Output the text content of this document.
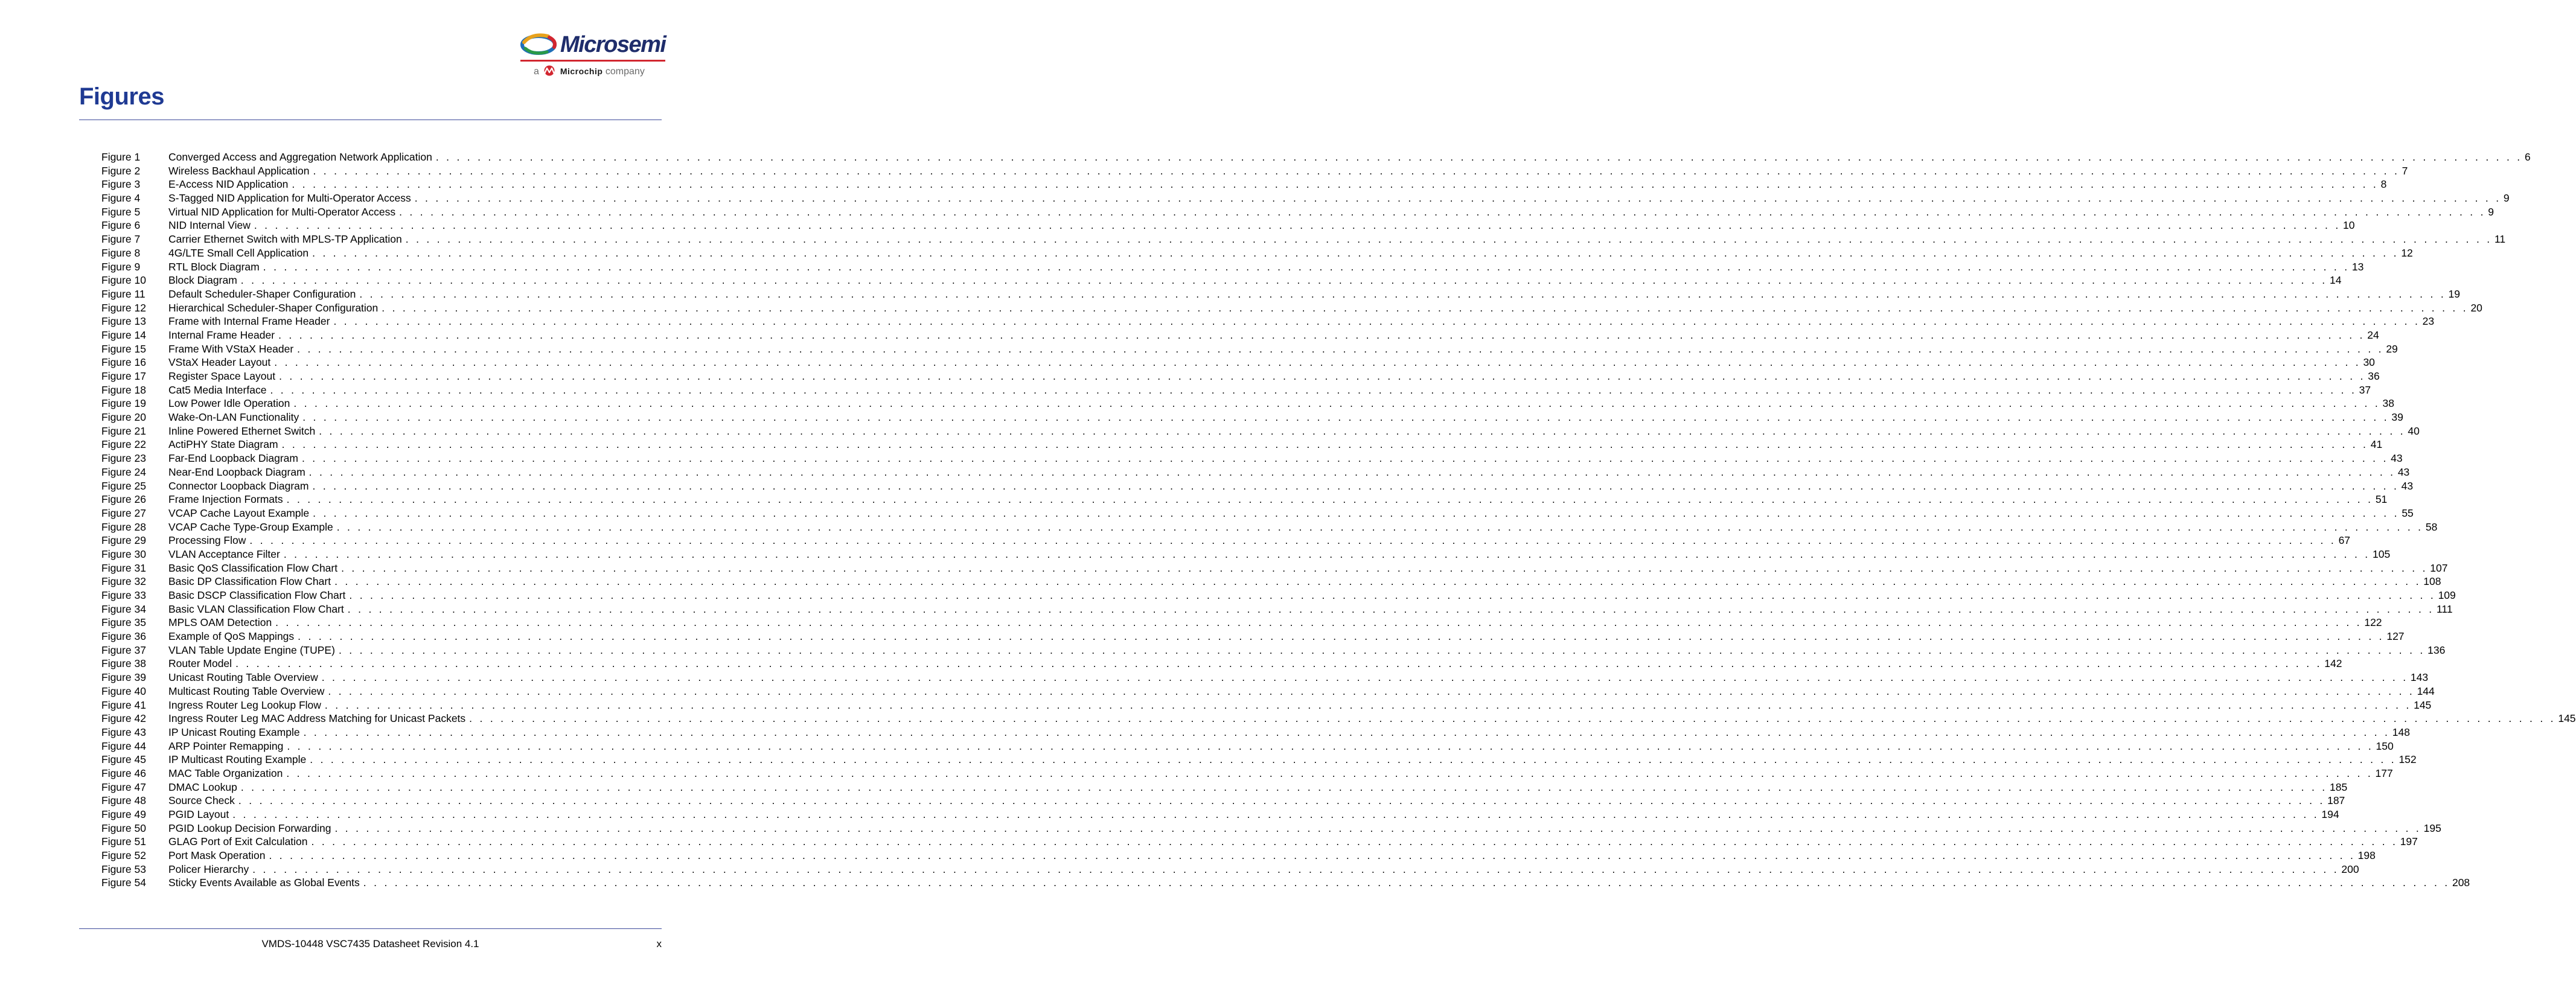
Microsemi
a Microchip company
Figures
Figure 1	Converged Access and Aggregation Network Application . . . . . . . . . . . . . . . . . . . . . . . . . . . . . . . . . . . . . . . . . . . . . . . . . . . . . . . . . . . . . . . . . . . . . . . . . . . . . . . . . . . . . . . . . . . . . . . . . . . . . . . . . . . . . . . . . . . . . . . . . . . . . . . . . . . . . . . . . . . . . . . . . . . . . . . . . . . . . . . . . . . . . . . . . . . . . . . . . . . . . . . . . . . . . . . . . . . . . . . . 6
Figure 2	Wireless Backhaul Application . . . . . . . . . . . . . . . . . . . . . . . . . . . . . . . . . . . . . . . . . . . . . . . . . . . . . . . . . . . . . . . . . . . . . . . . . . . . . . . . . . . . . . . . . . . . . . . . . . . . . . . . . . . . . . . . . . . . . . . . . . . . . . . . . . . . . . . . . . . . . . . . . . . . . . . . . . . . . . . . . . . . . . . . . . . . . . . . . . . . . . . . . . . . . . . . . . . . . . . . 7
Figure 3	E-Access NID Application . . . . . . . . . . . . . . . . . . . . . . . . . . . . . . . . . . . . . . . . . . . . . . . . . . . . . . . . . . . . . . . . . . . . . . . . . . . . . . . . . . . . . . . . . . . . . . . . . . . . . . . . . . . . . . . . . . . . . . . . . . . . . . . . . . . . . . . . . . . . . . . . . . . . . . . . . . . . . . . . . . . . . . . . . . . . . . . . . . . . . . . . . . . . . . . . . . . . . . . . 8
Figure 4	S-Tagged NID Application for Multi-Operator Access . . . . . . . . . . . . . . . . . . . . . . . . . . . . . . . . . . . . . . . . . . . . . . . . . . . . . . . . . . . . . . . . . . . . . . . . . . . . . . . . . . . . . . . . . . . . . . . . . . . . . . . . . . . . . . . . . . . . . . . . . . . . . . . . . . . . . . . . . . . . . . . . . . . . . . . . . . . . . . . . . . . . . . . . . . . . . . . . . . . . . . . . . . . . . . . . . . . . . . . . 9
Figure 5	Virtual NID Application for Multi-Operator Access . . . . . . . . . . . . . . . . . . . . . . . . . . . . . . . . . . . . . . . . . . . . . . . . . . . . . . . . . . . . . . . . . . . . . . . . . . . . . . . . . . . . . . . . . . . . . . . . . . . . . . . . . . . . . . . . . . . . . . . . . . . . . . . . . . . . . . . . . . . . . . . . . . . . . . . . . . . . . . . . . . . . . . . . . . . . . . . . . . . . . . . . . . . . . . . . . . . . . . . . 9
Figure 6	NID Internal View . . . . . . . . . . . . . . . . . . . . . . . . . . . . . . . . . . . . . . . . . . . . . . . . . . . . . . . . . . . . . . . . . . . . . . . . . . . . . . . . . . . . . . . . . . . . . . . . . . . . . . . . . . . . . . . . . . . . . . . . . . . . . . . . . . . . . . . . . . . . . . . . . . . . . . . . . . . . . . . . . . . . . . . . . . . . . . . . . . . . . . . . . . . . . . . . . . . . . . . . 10
Figure 7	Carrier Ethernet Switch with MPLS-TP Application . . . . . . . . . . . . . . . . . . . . . . . . . . . . . . . . . . . . . . . . . . . . . . . . . . . . . . . . . . . . . . . . . . . . . . . . . . . . . . . . . . . . . . . . . . . . . . . . . . . . . . . . . . . . . . . . . . . . . . . . . . . . . . . . . . . . . . . . . . . . . . . . . . . . . . . . . . . . . . . . . . . . . . . . . . . . . . . . . . . . . . . . . . . . . . . . . . . . . . . . 11
Figure 8	4G/LTE Small Cell Application . . . . . . . . . . . . . . . . . . . . . . . . . . . . . . . . . . . . . . . . . . . . . . . . . . . . . . . . . . . . . . . . . . . . . . . . . . . . . . . . . . . . . . . . . . . . . . . . . . . . . . . . . . . . . . . . . . . . . . . . . . . . . . . . . . . . . . . . . . . . . . . . . . . . . . . . . . . . . . . . . . . . . . . . . . . . . . . . . . . . . . . . . . . . . . . . . . . . . . . . 12
Figure 9	RTL Block Diagram . . . . . . . . . . . . . . . . . . . . . . . . . . . . . . . . . . . . . . . . . . . . . . . . . . . . . . . . . . . . . . . . . . . . . . . . . . . . . . . . . . . . . . . . . . . . . . . . . . . . . . . . . . . . . . . . . . . . . . . . . . . . . . . . . . . . . . . . . . . . . . . . . . . . . . . . . . . . . . . . . . . . . . . . . . . . . . . . . . . . . . . . . . . . . . . . . . . . . . . . 13
Figure 10	Block Diagram . . . . . . . . . . . . . . . . . . . . . . . . . . . . . . . . . . . . . . . . . . . . . . . . . . . . . . . . . . . . . . . . . . . . . . . . . . . . . . . . . . . . . . . . . . . . . . . . . . . . . . . . . . . . . . . . . . . . . . . . . . . . . . . . . . . . . . . . . . . . . . . . . . . . . . . . . . . . . . . . . . . . . . . . . . . . . . . . . . . . . . . . . . . . . . . . . . . . . . . . 14
Figure 11	Default Scheduler-Shaper Configuration . . . . . . . . . . . . . . . . . . . . . . . . . . . . . . . . . . . . . . . . . . . . . . . . . . . . . . . . . . . . . . . . . . . . . . . . . . . . . . . . . . . . . . . . . . . . . . . . . . . . . . . . . . . . . . . . . . . . . . . . . . . . . . . . . . . . . . . . . . . . . . . . . . . . . . . . . . . . . . . . . . . . . . . . . . . . . . . . . . . . . . . . . . . . . . . . . . . . . . . . 19
Figure 12	Hierarchical Scheduler-Shaper Configuration . . . . . . . . . . . . . . . . . . . . . . . . . . . . . . . . . . . . . . . . . . . . . . . . . . . . . . . . . . . . . . . . . . . . . . . . . . . . . . . . . . . . . . . . . . . . . . . . . . . . . . . . . . . . . . . . . . . . . . . . . . . . . . . . . . . . . . . . . . . . . . . . . . . . . . . . . . . . . . . . . . . . . . . . . . . . . . . . . . . . . . . . . . . . . . . . . . . . . . . . 20
Figure 13	Frame with Internal Frame Header . . . . . . . . . . . . . . . . . . . . . . . . . . . . . . . . . . . . . . . . . . . . . . . . . . . . . . . . . . . . . . . . . . . . . . . . . . . . . . . . . . . . . . . . . . . . . . . . . . . . . . . . . . . . . . . . . . . . . . . . . . . . . . . . . . . . . . . . . . . . . . . . . . . . . . . . . . . . . . . . . . . . . . . . . . . . . . . . . . . . . . . . . . . . . . . . . . . . . . . . 23
Figure 14	Internal Frame Header . . . . . . . . . . . . . . . . . . . . . . . . . . . . . . . . . . . . . . . . . . . . . . . . . . . . . . . . . . . . . . . . . . . . . . . . . . . . . . . . . . . . . . . . . . . . . . . . . . . . . . . . . . . . . . . . . . . . . . . . . . . . . . . . . . . . . . . . . . . . . . . . . . . . . . . . . . . . . . . . . . . . . . . . . . . . . . . . . . . . . . . . . . . . . . . . . . . . . . . . 24
Figure 15	Frame With VStaX Header . . . . . . . . . . . . . . . . . . . . . . . . . . . . . . . . . . . . . . . . . . . . . . . . . . . . . . . . . . . . . . . . . . . . . . . . . . . . . . . . . . . . . . . . . . . . . . . . . . . . . . . . . . . . . . . . . . . . . . . . . . . . . . . . . . . . . . . . . . . . . . . . . . . . . . . . . . . . . . . . . . . . . . . . . . . . . . . . . . . . . . . . . . . . . . . . . . . . . . . . 29
Figure 16	VStaX Header Layout . . . . . . . . . . . . . . . . . . . . . . . . . . . . . . . . . . . . . . . . . . . . . . . . . . . . . . . . . . . . . . . . . . . . . . . . . . . . . . . . . . . . . . . . . . . . . . . . . . . . . . . . . . . . . . . . . . . . . . . . . . . . . . . . . . . . . . . . . . . . . . . . . . . . . . . . . . . . . . . . . . . . . . . . . . . . . . . . . . . . . . . . . . . . . . . . . . . . . . . . 30
Figure 17	Register Space Layout . . . . . . . . . . . . . . . . . . . . . . . . . . . . . . . . . . . . . . . . . . . . . . . . . . . . . . . . . . . . . . . . . . . . . . . . . . . . . . . . . . . . . . . . . . . . . . . . . . . . . . . . . . . . . . . . . . . . . . . . . . . . . . . . . . . . . . . . . . . . . . . . . . . . . . . . . . . . . . . . . . . . . . . . . . . . . . . . . . . . . . . . . . . . . . . . . . . . . . . . 36
Figure 18	Cat5 Media Interface . . . . . . . . . . . . . . . . . . . . . . . . . . . . . . . . . . . . . . . . . . . . . . . . . . . . . . . . . . . . . . . . . . . . . . . . . . . . . . . . . . . . . . . . . . . . . . . . . . . . . . . . . . . . . . . . . . . . . . . . . . . . . . . . . . . . . . . . . . . . . . . . . . . . . . . . . . . . . . . . . . . . . . . . . . . . . . . . . . . . . . . . . . . . . . . . . . . . . . . . 37
Figure 19	Low Power Idle Operation . . . . . . . . . . . . . . . . . . . . . . . . . . . . . . . . . . . . . . . . . . . . . . . . . . . . . . . . . . . . . . . . . . . . . . . . . . . . . . . . . . . . . . . . . . . . . . . . . . . . . . . . . . . . . . . . . . . . . . . . . . . . . . . . . . . . . . . . . . . . . . . . . . . . . . . . . . . . . . . . . . . . . . . . . . . . . . . . . . . . . . . . . . . . . . . . . . . . . . . . 38
Figure 20	Wake-On-LAN Functionality . . . . . . . . . . . . . . . . . . . . . . . . . . . . . . . . . . . . . . . . . . . . . . . . . . . . . . . . . . . . . . . . . . . . . . . . . . . . . . . . . . . . . . . . . . . . . . . . . . . . . . . . . . . . . . . . . . . . . . . . . . . . . . . . . . . . . . . . . . . . . . . . . . . . . . . . . . . . . . . . . . . . . . . . . . . . . . . . . . . . . . . . . . . . . . . . . . . . . . . . 39
Figure 21	Inline Powered Ethernet Switch . . . . . . . . . . . . . . . . . . . . . . . . . . . . . . . . . . . . . . . . . . . . . . . . . . . . . . . . . . . . . . . . . . . . . . . . . . . . . . . . . . . . . . . . . . . . . . . . . . . . . . . . . . . . . . . . . . . . . . . . . . . . . . . . . . . . . . . . . . . . . . . . . . . . . . . . . . . . . . . . . . . . . . . . . . . . . . . . . . . . . . . . . . . . . . . . . . . . . . . . 40
Figure 22	ActiPHY State Diagram . . . . . . . . . . . . . . . . . . . . . . . . . . . . . . . . . . . . . . . . . . . . . . . . . . . . . . . . . . . . . . . . . . . . . . . . . . . . . . . . . . . . . . . . . . . . . . . . . . . . . . . . . . . . . . . . . . . . . . . . . . . . . . . . . . . . . . . . . . . . . . . . . . . . . . . . . . . . . . . . . . . . . . . . . . . . . . . . . . . . . . . . . . . . . . . . . . . . . . . . 41
Figure 23	Far-End Loopback Diagram . . . . . . . . . . . . . . . . . . . . . . . . . . . . . . . . . . . . . . . . . . . . . . . . . . . . . . . . . . . . . . . . . . . . . . . . . . . . . . . . . . . . . . . . . . . . . . . . . . . . . . . . . . . . . . . . . . . . . . . . . . . . . . . . . . . . . . . . . . . . . . . . . . . . . . . . . . . . . . . . . . . . . . . . . . . . . . . . . . . . . . . . . . . . . . . . . . . . . . . . 43
Figure 24	Near-End Loopback Diagram . . . . . . . . . . . . . . . . . . . . . . . . . . . . . . . . . . . . . . . . . . . . . . . . . . . . . . . . . . . . . . . . . . . . . . . . . . . . . . . . . . . . . . . . . . . . . . . . . . . . . . . . . . . . . . . . . . . . . . . . . . . . . . . . . . . . . . . . . . . . . . . . . . . . . . . . . . . . . . . . . . . . . . . . . . . . . . . . . . . . . . . . . . . . . . . . . . . . . . . . 43
Figure 25	Connector Loopback Diagram . . . . . . . . . . . . . . . . . . . . . . . . . . . . . . . . . . . . . . . . . . . . . . . . . . . . . . . . . . . . . . . . . . . . . . . . . . . . . . . . . . . . . . . . . . . . . . . . . . . . . . . . . . . . . . . . . . . . . . . . . . . . . . . . . . . . . . . . . . . . . . . . . . . . . . . . . . . . . . . . . . . . . . . . . . . . . . . . . . . . . . . . . . . . . . . . . . . . . . . . 43
Figure 26	Frame Injection Formats . . . . . . . . . . . . . . . . . . . . . . . . . . . . . . . . . . . . . . . . . . . . . . . . . . . . . . . . . . . . . . . . . . . . . . . . . . . . . . . . . . . . . . . . . . . . . . . . . . . . . . . . . . . . . . . . . . . . . . . . . . . . . . . . . . . . . . . . . . . . . . . . . . . . . . . . . . . . . . . . . . . . . . . . . . . . . . . . . . . . . . . . . . . . . . . . . . . . . . . . 51
Figure 27	VCAP Cache Layout Example . . . . . . . . . . . . . . . . . . . . . . . . . . . . . . . . . . . . . . . . . . . . . . . . . . . . . . . . . . . . . . . . . . . . . . . . . . . . . . . . . . . . . . . . . . . . . . . . . . . . . . . . . . . . . . . . . . . . . . . . . . . . . . . . . . . . . . . . . . . . . . . . . . . . . . . . . . . . . . . . . . . . . . . . . . . . . . . . . . . . . . . . . . . . . . . . . . . . . . . . 55
Figure 28	VCAP Cache Type-Group Example . . . . . . . . . . . . . . . . . . . . . . . . . . . . . . . . . . . . . . . . . . . . . . . . . . . . . . . . . . . . . . . . . . . . . . . . . . . . . . . . . . . . . . . . . . . . . . . . . . . . . . . . . . . . . . . . . . . . . . . . . . . . . . . . . . . . . . . . . . . . . . . . . . . . . . . . . . . . . . . . . . . . . . . . . . . . . . . . . . . . . . . . . . . . . . . . . . . . . . . . 58
Figure 29	Processing Flow . . . . . . . . . . . . . . . . . . . . . . . . . . . . . . . . . . . . . . . . . . . . . . . . . . . . . . . . . . . . . . . . . . . . . . . . . . . . . . . . . . . . . . . . . . . . . . . . . . . . . . . . . . . . . . . . . . . . . . . . . . . . . . . . . . . . . . . . . . . . . . . . . . . . . . . . . . . . . . . . . . . . . . . . . . . . . . . . . . . . . . . . . . . . . . . . . . . . . . . . 67
Figure 30	VLAN Acceptance Filter . . . . . . . . . . . . . . . . . . . . . . . . . . . . . . . . . . . . . . . . . . . . . . . . . . . . . . . . . . . . . . . . . . . . . . . . . . . . . . . . . . . . . . . . . . . . . . . . . . . . . . . . . . . . . . . . . . . . . . . . . . . . . . . . . . . . . . . . . . . . . . . . . . . . . . . . . . . . . . . . . . . . . . . . . . . . . . . . . . . . . . . . . . . . . . . . . . . . . . . . 105
Figure 31	Basic QoS Classification Flow Chart . . . . . . . . . . . . . . . . . . . . . . . . . . . . . . . . . . . . . . . . . . . . . . . . . . . . . . . . . . . . . . . . . . . . . . . . . . . . . . . . . . . . . . . . . . . . . . . . . . . . . . . . . . . . . . . . . . . . . . . . . . . . . . . . . . . . . . . . . . . . . . . . . . . . . . . . . . . . . . . . . . . . . . . . . . . . . . . . . . . . . . . . . . . . . . . . . . . . . . . . 107
Figure 32	Basic DP Classification Flow Chart . . . . . . . . . . . . . . . . . . . . . . . . . . . . . . . . . . . . . . . . . . . . . . . . . . . . . . . . . . . . . . . . . . . . . . . . . . . . . . . . . . . . . . . . . . . . . . . . . . . . . . . . . . . . . . . . . . . . . . . . . . . . . . . . . . . . . . . . . . . . . . . . . . . . . . . . . . . . . . . . . . . . . . . . . . . . . . . . . . . . . . . . . . . . . . . . . . . . . . . . 108
Figure 33	Basic DSCP Classification Flow Chart . . . . . . . . . . . . . . . . . . . . . . . . . . . . . . . . . . . . . . . . . . . . . . . . . . . . . . . . . . . . . . . . . . . . . . . . . . . . . . . . . . . . . . . . . . . . . . . . . . . . . . . . . . . . . . . . . . . . . . . . . . . . . . . . . . . . . . . . . . . . . . . . . . . . . . . . . . . . . . . . . . . . . . . . . . . . . . . . . . . . . . . . . . . . . . . . . . . . . . . . 109
Figure 34	Basic VLAN Classification Flow Chart . . . . . . . . . . . . . . . . . . . . . . . . . . . . . . . . . . . . . . . . . . . . . . . . . . . . . . . . . . . . . . . . . . . . . . . . . . . . . . . . . . . . . . . . . . . . . . . . . . . . . . . . . . . . . . . . . . . . . . . . . . . . . . . . . . . . . . . . . . . . . . . . . . . . . . . . . . . . . . . . . . . . . . . . . . . . . . . . . . . . . . . . . . . . . . . . . . . . . . . . 111
Figure 35	MPLS OAM Detection . . . . . . . . . . . . . . . . . . . . . . . . . . . . . . . . . . . . . . . . . . . . . . . . . . . . . . . . . . . . . . . . . . . . . . . . . . . . . . . . . . . . . . . . . . . . . . . . . . . . . . . . . . . . . . . . . . . . . . . . . . . . . . . . . . . . . . . . . . . . . . . . . . . . . . . . . . . . . . . . . . . . . . . . . . . . . . . . . . . . . . . . . . . . . . . . . . . . . . . . 122
Figure 36	Example of QoS Mappings . . . . . . . . . . . . . . . . . . . . . . . . . . . . . . . . . . . . . . . . . . . . . . . . . . . . . . . . . . . . . . . . . . . . . . . . . . . . . . . . . . . . . . . . . . . . . . . . . . . . . . . . . . . . . . . . . . . . . . . . . . . . . . . . . . . . . . . . . . . . . . . . . . . . . . . . . . . . . . . . . . . . . . . . . . . . . . . . . . . . . . . . . . . . . . . . . . . . . . . . 127
Figure 37	VLAN Table Update Engine (TUPE) . . . . . . . . . . . . . . . . . . . . . . . . . . . . . . . . . . . . . . . . . . . . . . . . . . . . . . . . . . . . . . . . . . . . . . . . . . . . . . . . . . . . . . . . . . . . . . . . . . . . . . . . . . . . . . . . . . . . . . . . . . . . . . . . . . . . . . . . . . . . . . . . . . . . . . . . . . . . . . . . . . . . . . . . . . . . . . . . . . . . . . . . . . . . . . . . . . . . . . . . 136
Figure 38	Router Model . . . . . . . . . . . . . . . . . . . . . . . . . . . . . . . . . . . . . . . . . . . . . . . . . . . . . . . . . . . . . . . . . . . . . . . . . . . . . . . . . . . . . . . . . . . . . . . . . . . . . . . . . . . . . . . . . . . . . . . . . . . . . . . . . . . . . . . . . . . . . . . . . . . . . . . . . . . . . . . . . . . . . . . . . . . . . . . . . . . . . . . . . . . . . . . . . . . . . . . . 142
Figure 39	Unicast Routing Table Overview . . . . . . . . . . . . . . . . . . . . . . . . . . . . . . . . . . . . . . . . . . . . . . . . . . . . . . . . . . . . . . . . . . . . . . . . . . . . . . . . . . . . . . . . . . . . . . . . . . . . . . . . . . . . . . . . . . . . . . . . . . . . . . . . . . . . . . . . . . . . . . . . . . . . . . . . . . . . . . . . . . . . . . . . . . . . . . . . . . . . . . . . . . . . . . . . . . . . . . . . 143
Figure 40	Multicast Routing Table Overview . . . . . . . . . . . . . . . . . . . . . . . . . . . . . . . . . . . . . . . . . . . . . . . . . . . . . . . . . . . . . . . . . . . . . . . . . . . . . . . . . . . . . . . . . . . . . . . . . . . . . . . . . . . . . . . . . . . . . . . . . . . . . . . . . . . . . . . . . . . . . . . . . . . . . . . . . . . . . . . . . . . . . . . . . . . . . . . . . . . . . . . . . . . . . . . . . . . . . . . . 144
Figure 41	Ingress Router Leg Lookup Flow . . . . . . . . . . . . . . . . . . . . . . . . . . . . . . . . . . . . . . . . . . . . . . . . . . . . . . . . . . . . . . . . . . . . . . . . . . . . . . . . . . . . . . . . . . . . . . . . . . . . . . . . . . . . . . . . . . . . . . . . . . . . . . . . . . . . . . . . . . . . . . . . . . . . . . . . . . . . . . . . . . . . . . . . . . . . . . . . . . . . . . . . . . . . . . . . . . . . . . . . 145
Figure 42	Ingress Router Leg MAC Address Matching for Unicast Packets . . . . . . . . . . . . . . . . . . . . . . . . . . . . . . . . . . . . . . . . . . . . . . . . . . . . . . . . . . . . . . . . . . . . . . . . . . . . . . . . . . . . . . . . . . . . . . . . . . . . . . . . . . . . . . . . . . . . . . . . . . . . . . . . . . . . . . . . . . . . . . . . . . . . . . . . . . . . . . . . . . . . . . . . . . . . . . . . . . . . . . . . . . . . . . . . . . . . . . . . 145
Figure 43	IP Unicast Routing Example . . . . . . . . . . . . . . . . . . . . . . . . . . . . . . . . . . . . . . . . . . . . . . . . . . . . . . . . . . . . . . . . . . . . . . . . . . . . . . . . . . . . . . . . . . . . . . . . . . . . . . . . . . . . . . . . . . . . . . . . . . . . . . . . . . . . . . . . . . . . . . . . . . . . . . . . . . . . . . . . . . . . . . . . . . . . . . . . . . . . . . . . . . . . . . . . . . . . . . . . 148
Figure 44	ARP Pointer Remapping . . . . . . . . . . . . . . . . . . . . . . . . . . . . . . . . . . . . . . . . . . . . . . . . . . . . . . . . . . . . . . . . . . . . . . . . . . . . . . . . . . . . . . . . . . . . . . . . . . . . . . . . . . . . . . . . . . . . . . . . . . . . . . . . . . . . . . . . . . . . . . . . . . . . . . . . . . . . . . . . . . . . . . . . . . . . . . . . . . . . . . . . . . . . . . . . . . . . . . . . 150
Figure 45	IP Multicast Routing Example . . . . . . . . . . . . . . . . . . . . . . . . . . . . . . . . . . . . . . . . . . . . . . . . . . . . . . . . . . . . . . . . . . . . . . . . . . . . . . . . . . . . . . . . . . . . . . . . . . . . . . . . . . . . . . . . . . . . . . . . . . . . . . . . . . . . . . . . . . . . . . . . . . . . . . . . . . . . . . . . . . . . . . . . . . . . . . . . . . . . . . . . . . . . . . . . . . . . . . . . 152
Figure 46	MAC Table Organization . . . . . . . . . . . . . . . . . . . . . . . . . . . . . . . . . . . . . . . . . . . . . . . . . . . . . . . . . . . . . . . . . . . . . . . . . . . . . . . . . . . . . . . . . . . . . . . . . . . . . . . . . . . . . . . . . . . . . . . . . . . . . . . . . . . . . . . . . . . . . . . . . . . . . . . . . . . . . . . . . . . . . . . . . . . . . . . . . . . . . . . . . . . . . . . . . . . . . . . . 177
Figure 47	DMAC Lookup . . . . . . . . . . . . . . . . . . . . . . . . . . . . . . . . . . . . . . . . . . . . . . . . . . . . . . . . . . . . . . . . . . . . . . . . . . . . . . . . . . . . . . . . . . . . . . . . . . . . . . . . . . . . . . . . . . . . . . . . . . . . . . . . . . . . . . . . . . . . . . . . . . . . . . . . . . . . . . . . . . . . . . . . . . . . . . . . . . . . . . . . . . . . . . . . . . . . . . . . 185
Figure 48	Source Check . . . . . . . . . . . . . . . . . . . . . . . . . . . . . . . . . . . . . . . . . . . . . . . . . . . . . . . . . . . . . . . . . . . . . . . . . . . . . . . . . . . . . . . . . . . . . . . . . . . . . . . . . . . . . . . . . . . . . . . . . . . . . . . . . . . . . . . . . . . . . . . . . . . . . . . . . . . . . . . . . . . . . . . . . . . . . . . . . . . . . . . . . . . . . . . . . . . . . . . . 187
Figure 49	PGID Layout . . . . . . . . . . . . . . . . . . . . . . . . . . . . . . . . . . . . . . . . . . . . . . . . . . . . . . . . . . . . . . . . . . . . . . . . . . . . . . . . . . . . . . . . . . . . . . . . . . . . . . . . . . . . . . . . . . . . . . . . . . . . . . . . . . . . . . . . . . . . . . . . . . . . . . . . . . . . . . . . . . . . . . . . . . . . . . . . . . . . . . . . . . . . . . . . . . . . . . . . 194
Figure 50	PGID Lookup Decision Forwarding . . . . . . . . . . . . . . . . . . . . . . . . . . . . . . . . . . . . . . . . . . . . . . . . . . . . . . . . . . . . . . . . . . . . . . . . . . . . . . . . . . . . . . . . . . . . . . . . . . . . . . . . . . . . . . . . . . . . . . . . . . . . . . . . . . . . . . . . . . . . . . . . . . . . . . . . . . . . . . . . . . . . . . . . . . . . . . . . . . . . . . . . . . . . . . . . . . . . . . . . 195
Figure 51	GLAG Port of Exit Calculation . . . . . . . . . . . . . . . . . . . . . . . . . . . . . . . . . . . . . . . . . . . . . . . . . . . . . . . . . . . . . . . . . . . . . . . . . . . . . . . . . . . . . . . . . . . . . . . . . . . . . . . . . . . . . . . . . . . . . . . . . . . . . . . . . . . . . . . . . . . . . . . . . . . . . . . . . . . . . . . . . . . . . . . . . . . . . . . . . . . . . . . . . . . . . . . . . . . . . . . . 197
Figure 52	Port Mask Operation . . . . . . . . . . . . . . . . . . . . . . . . . . . . . . . . . . . . . . . . . . . . . . . . . . . . . . . . . . . . . . . . . . . . . . . . . . . . . . . . . . . . . . . . . . . . . . . . . . . . . . . . . . . . . . . . . . . . . . . . . . . . . . . . . . . . . . . . . . . . . . . . . . . . . . . . . . . . . . . . . . . . . . . . . . . . . . . . . . . . . . . . . . . . . . . . . . . . . . . . 198
Figure 53	Policer Hierarchy . . . . . . . . . . . . . . . . . . . . . . . . . . . . . . . . . . . . . . . . . . . . . . . . . . . . . . . . . . . . . . . . . . . . . . . . . . . . . . . . . . . . . . . . . . . . . . . . . . . . . . . . . . . . . . . . . . . . . . . . . . . . . . . . . . . . . . . . . . . . . . . . . . . . . . . . . . . . . . . . . . . . . . . . . . . . . . . . . . . . . . . . . . . . . . . . . . . . . . . . 200
Figure 54	Sticky Events Available as Global Events . . . . . . . . . . . . . . . . . . . . . . . . . . . . . . . . . . . . . . . . . . . . . . . . . . . . . . . . . . . . . . . . . . . . . . . . . . . . . . . . . . . . . . . . . . . . . . . . . . . . . . . . . . . . . . . . . . . . . . . . . . . . . . . . . . . . . . . . . . . . . . . . . . . . . . . . . . . . . . . . . . . . . . . . . . . . . . . . . . . . . . . . . . . . . . . . . . . . . . . . 208
VMDS-10448 VSC7435 Datasheet Revision 4.1	x
